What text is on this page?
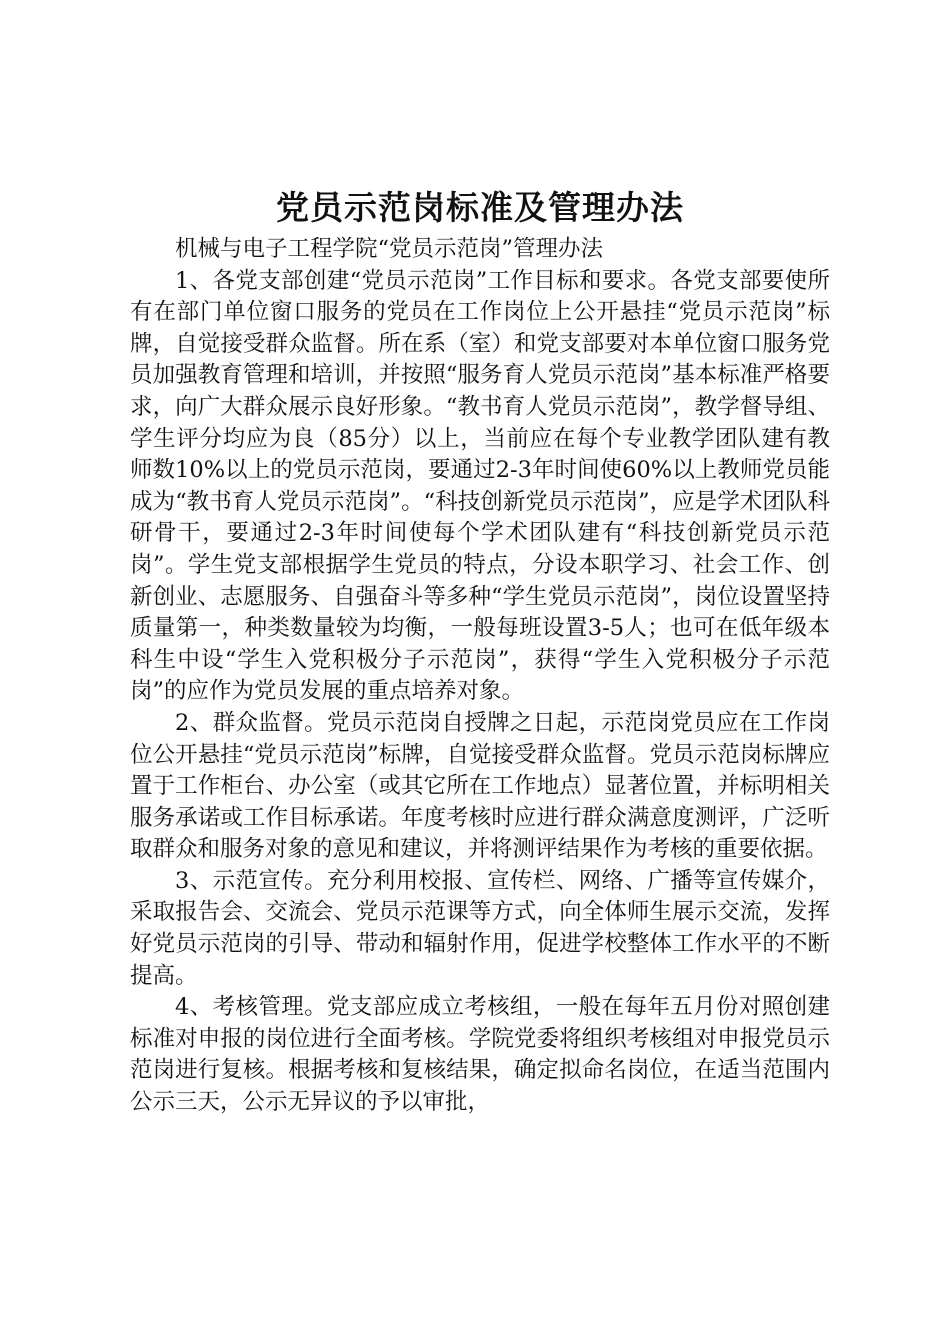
党员示范岗标准及管理办法

机械与电子工程学院“党员示范岗”管理办法

1、各党支部创建“党员示范岗”工作目标和要求。各党支部要使所有在部门单位窗口服务的党员在工作岗位上公开悬挂“党员示范岗”标牌，自觉接受群众监督。所在系（室）和党支部要对本单位窗口服务党员加强教育管理和培训，并按照“服务育人党员示范岗”基本标准严格要求，向广大群众展示良好形象。“教书育人党员示范岗”，教学督导组、学生评分均应为良（85分）以上，当前应在每个专业教学团队建有教师数10%以上的党员示范岗，要通过2-3年时间使60%以上教师党员能成为“教书育人党员示范岗”。“科技创新党员示范岗”，应是学术团队科研骨干，要通过2-3年时间使每个学术团队建有“科技创新党员示范岗”。学生党支部根据学生党员的特点，分设本职学习、社会工作、创新创业、志愿服务、自强奋斗等多种“学生党员示范岗”，岗位设置坚持质量第一，种类数量较为均衡，一般每班设置3-5人；也可在低年级本科生中设“学生入党积极分子示范岗”，获得“学生入党积极分子示范岗”的应作为党员发展的重点培养对象。

2、群众监督。党员示范岗自授牌之日起，示范岗党员应在工作岗位公开悬挂“党员示范岗”标牌，自觉接受群众监督。党员示范岗标牌应置于工作柜台、办公室（或其它所在工作地点）显著位置，并标明相关服务承诺或工作目标承诺。年度考核时应进行群众满意度测评，广泛听取群众和服务对象的意见和建议，并将测评结果作为考核的重要依据。

3、示范宣传。充分利用校报、宣传栏、网络、广播等宣传媒介，采取报告会、交流会、党员示范课等方式，向全体师生展示交流，发挥好党员示范岗的引导、带动和辐射作用，促进学校整体工作水平的不断提高。

4、考核管理。党支部应成立考核组，一般在每年五月份对照创建标准对申报的岗位进行全面考核。学院党委将组织考核组对申报党员示范岗进行复核。根据考核和复核结果，确定拟命名岗位，在适当范围内公示三天，公示无异议的予以审批，
